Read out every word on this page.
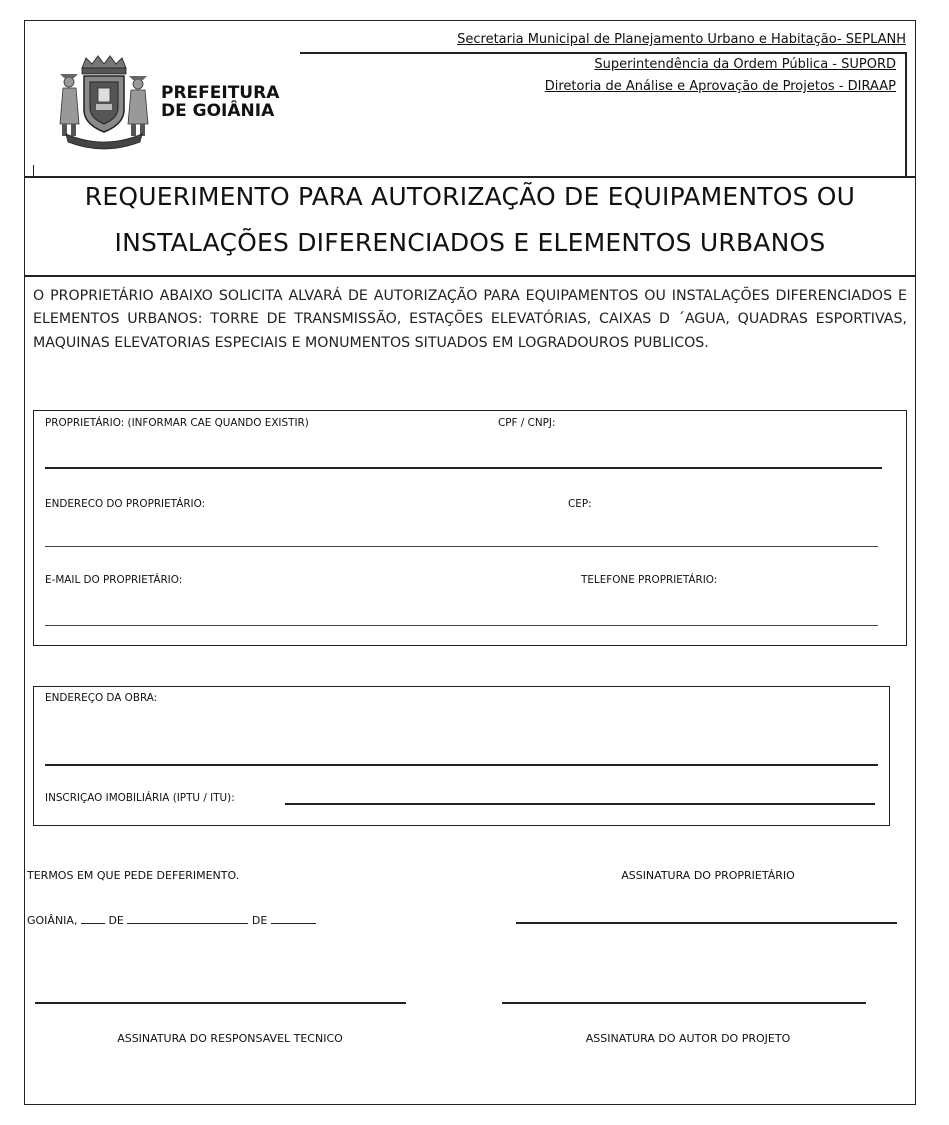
Secretaria Municipal de Planejamento Urbano e Habitação- SEPLANH
Superintendência da Ordem Pública - SUPORD
Diretoria de Análise e Aprovação de Projetos - DIRAAP
PREFEITURA
DE GOIÂNIA
REQUERIMENTO PARA AUTORIZAÇÃO DE EQUIPAMENTOS OU
INSTALAÇÕES DIFERENCIADOS E ELEMENTOS URBANOS
O PROPRIETÁRIO ABAIXO SOLICITA ALVARÁ DE AUTORIZAÇÃO PARA EQUIPAMENTOS OU INSTALAÇÕES DIFERENCIADOS E ELEMENTOS URBANOS: TORRE DE TRANSMISSÃO, ESTAÇÕES ELEVATÓRIAS, CAIXAS D ´AGUA, QUADRAS ESPORTIVAS, MAQUINAS ELEVATORIAS ESPECIAIS E MONUMENTOS SITUADOS EM LOGRADOUROS PUBLICOS.
PROPRIETÁRIO: (INFORMAR CAE QUANDO EXISTIR)	CPF / CNPJ:
ENDERECO DO PROPRIETÁRIO:	CEP:
E-MAIL DO PROPRIETÁRIO:	TELEFONE PROPRIETÁRIO:
ENDEREÇO DA OBRA:
INSCRIÇAO IMOBILIÁRIA (IPTU / ITU):
TERMOS EM QUE PEDE DEFERIMENTO.	ASSINATURA DO PROPRIETÁRIO
GOIÂNIA,	DE	DE
ASSINATURA DO RESPONSAVEL TECNICO	ASSINATURA DO AUTOR DO PROJETO
